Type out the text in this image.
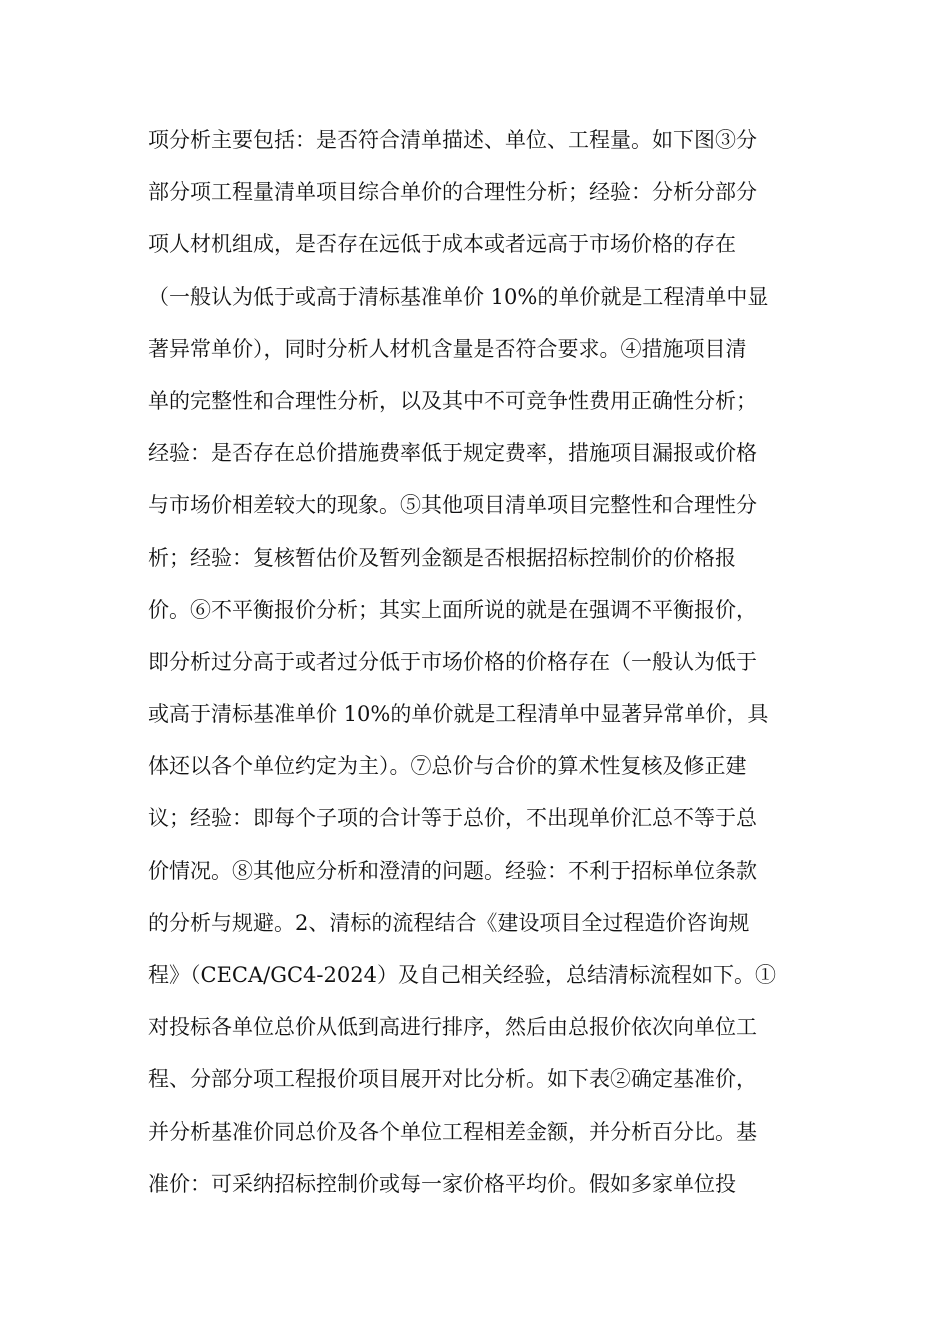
项分析主要包括：是否符合清单描述、单位、工程量。如下图③分
部分项工程量清单项目综合单价的合理性分析；经验：分析分部分
项人材机组成，是否存在远低于成本或者远高于市场价格的存在
（一般认为低于或高于清标基准单价 10%的单价就是工程清单中显
著异常单价），同时分析人材机含量是否符合要求。④措施项目清
单的完整性和合理性分析，以及其中不可竞争性费用正确性分析；
经验：是否存在总价措施费率低于规定费率，措施项目漏报或价格
与市场价相差较大的现象。⑤其他项目清单项目完整性和合理性分
析；经验：复核暂估价及暂列金额是否根据招标控制价的价格报
价。⑥不平衡报价分析；其实上面所说的就是在强调不平衡报价，
即分析过分高于或者过分低于市场价格的价格存在（一般认为低于
或高于清标基准单价 10%的单价就是工程清单中显著异常单价，具
体还以各个单位约定为主）。⑦总价与合价的算术性复核及修正建
议；经验：即每个子项的合计等于总价，不出现单价汇总不等于总
价情况。⑧其他应分析和澄清的问题。经验：不利于招标单位条款
的分析与规避。2、清标的流程结合《建设项目全过程造价咨询规
程》（CECA/GC4-2024）及自己相关经验，总结清标流程如下。①
对投标各单位总价从低到高进行排序，然后由总报价依次向单位工
程、分部分项工程报价项目展开对比分析。如下表②确定基准价，
并分析基准价同总价及各个单位工程相差金额，并分析百分比。基
准价：可采纳招标控制价或每一家价格平均价。假如多家单位投
